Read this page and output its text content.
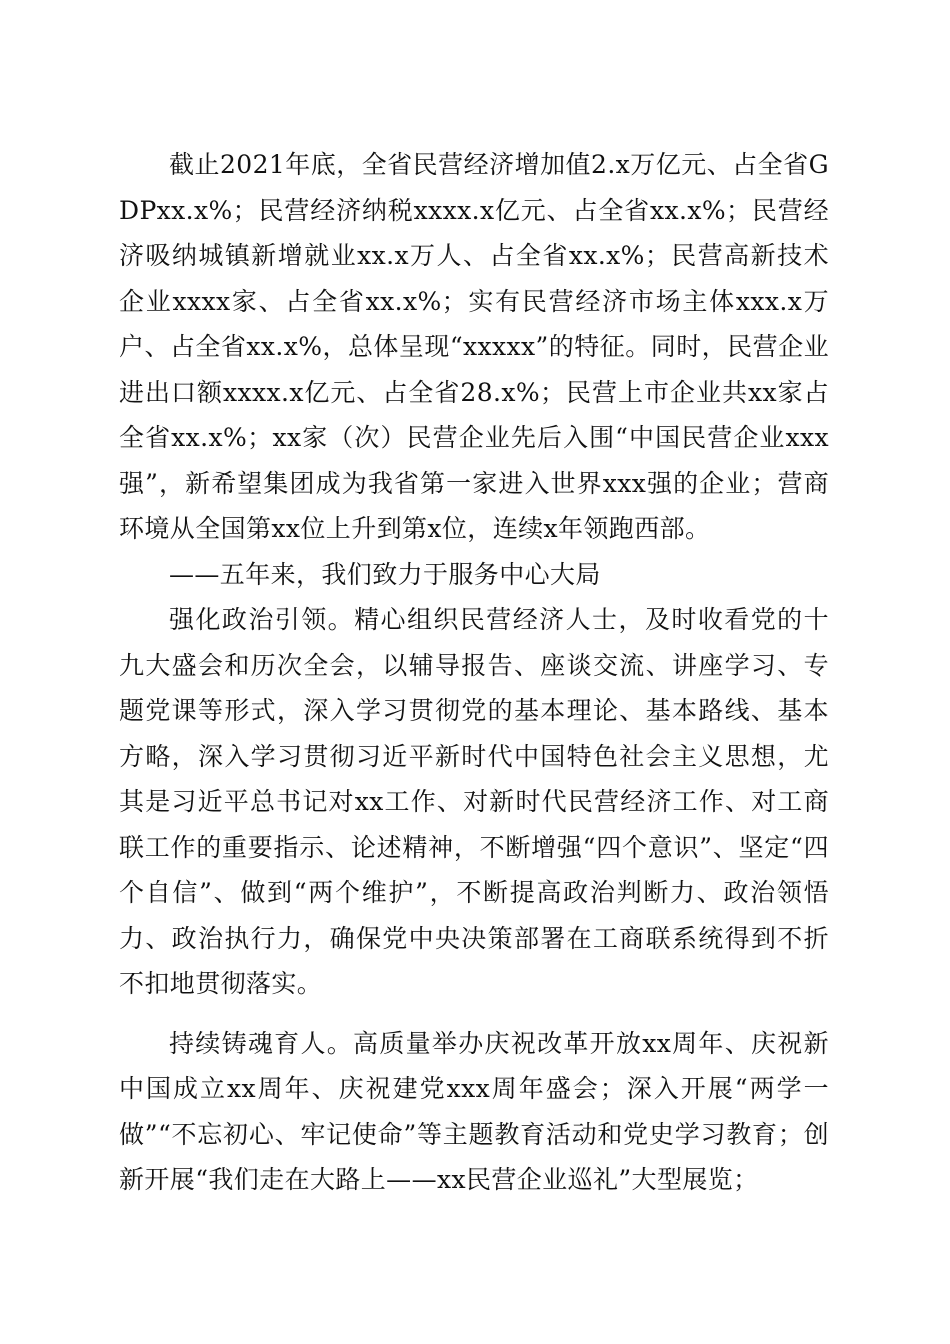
截止2021年底，全省民营经济增加值2.x万亿元、占全省GDPxx.x%；民营经济纳税xxxx.x亿元、占全省xx.x%；民营经济吸纳城镇新增就业xx.x万人、占全省xx.x%；民营高新技术企业xxxx家、占全省xx.x%；实有民营经济市场主体xxx.x万户、占全省xx.x%，总体呈现“xxxxx”的特征。同时，民营企业进出口额xxxx.x亿元、占全省28.x%；民营上市企业共xx家占全省xx.x%；xx家（次）民营企业先后入围“中国民营企业xxx强”，新希望集团成为我省第一家进入世界xxx强的企业；营商环境从全国第xx位上升到第x位，连续x年领跑西部。

——五年来，我们致力于服务中心大局

强化政治引领。精心组织民营经济人士，及时收看党的十九大盛会和历次全会，以辅导报告、座谈交流、讲座学习、专题党课等形式，深入学习贯彻党的基本理论、基本路线、基本方略，深入学习贯彻习近平新时代中国特色社会主义思想，尤其是习近平总书记对xx工作、对新时代民营经济工作、对工商联工作的重要指示、论述精神，不断增强“四个意识”、坚定“四个自信”、做到“两个维护”，不断提高政治判断力、政治领悟力、政治执行力，确保党中央决策部署在工商联系统得到不折不扣地贯彻落实。

持续铸魂育人。高质量举办庆祝改革开放xx周年、庆祝新中国成立xx周年、庆祝建党xxx周年盛会；深入开展“两学一做”“不忘初心、牢记使命”等主题教育活动和党史学习教育；创新开展“我们走在大路上——xx民营企业巡礼”大型展览；
